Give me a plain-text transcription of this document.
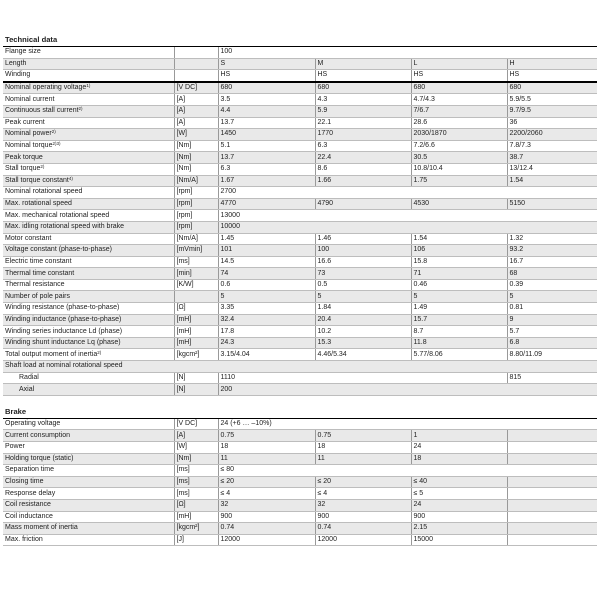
Technical data
Flange size		100			
Length		S	M	L	H
Winding		HS	HS	HS	HS
Nominal operating voltage$^{1)}$	[V DC]	680	680	680	680
Nominal current	[A]	3.5	4.3	4.7/4.3	5.9/5.5
Continuous stall current$^{2)}$	[A]	4.4	5.9	7/6.7	9.7/9.5
Peak current	[A]	13.7	22.1	28.6	36
Nominal power$^{2)}$	[W]	1450	1770	2030/1870	2200/2060
Nominal torque$^{2)3)}$	[Nm]	5.1	6.3	7.2/6.6	7.8/7.3
Peak torque	[Nm]	13.7	22.4	30.5	38.7
Stall torque$^{2)}$	[Nm]	6.3	8.6	10.8/10.4	13/12.4
Stall torque constant$^{4)}$	[Nm/A]	1.67	1.66	1.75	1.54
Nominal rotational speed	[rpm]	2700			
Max. rotational speed	[rpm]	4770	4790	4530	5150
Max. mechanical rotational speed	[rpm]	13000			
Max. idling rotational speed with brake	[rpm]	10000			
Motor constant	[Nm/A]	1.45	1.46	1.54	1.32
Voltage constant (phase-to-phase)	[mVmin]	101	100	106	93.2
Electric time constant	[ms]	14.5	16.6	15.8	16.7
Thermal time constant	[min]	74	73	71	68
Thermal resistance	[K/W]	0.6	0.5	0.46	0.39
Number of pole pairs		5	5	5	5
Winding resistance (phase-to-phase)	[Ω]	3.35	1.84	1.49	0.81
Winding inductance (phase-to-phase)	[mH]	32.4	20.4	15.7	9
Winding series inductance Ld (phase)	[mH]	17.8	10.2	8.7	5.7
Winding shunt inductance Lq (phase)	[mH]	24.3	15.3	11.8	6.8
Total output moment of inertia$^{2)}$	[kgcm²]	3.15/4.04	4.46/5.34	5.77/8.06	8.80/11.09
Shaft load at nominal rotational speed					
Radial	[N]	1110			815
Axial	[N]	200			
Brake
Operating voltage	[V DC]	24 (+6 … –10%)			
Current consumption	[A]	0.75	0.75	1	
Power	[W]	18	18	24	
Holding torque (static)	[Nm]	11	11	18	
Separation time	[ms]	≤ 80			
Closing time	[ms]	≤ 20	≤ 20	≤ 40	
Response delay	[ms]	≤ 4	≤ 4	≤ 5	
Coil resistance	[Ω]	32	32	24	
Coil inductance	[mH]	900	900	900	
Mass moment of inertia	[kgcm²]	0.74	0.74	2.15	
Max. friction	[J]	12000	12000	15000	
